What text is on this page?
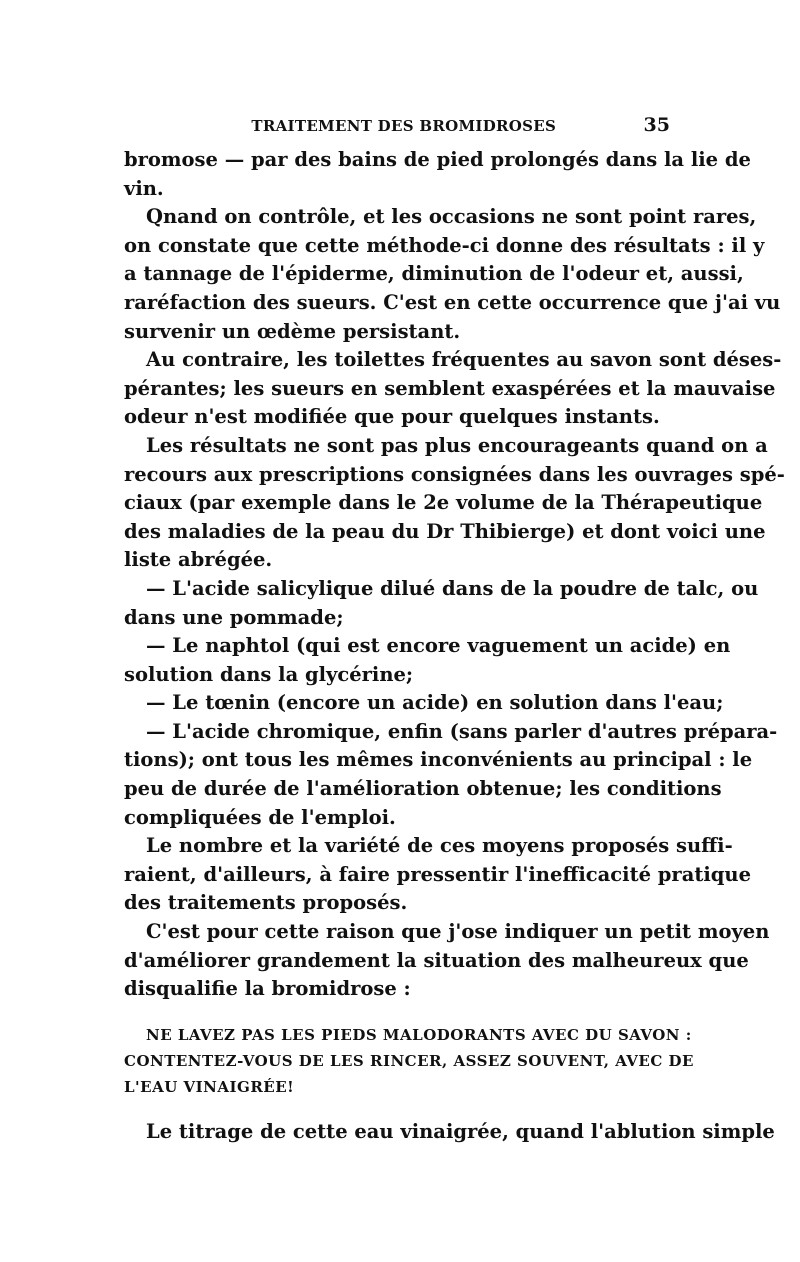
TRAITEMENT DES BROMIDROSES	35

bromose — par des bains de pied prolongés dans la lie de
vin.

Qnand on contrôle, et les occasions ne sont point rares,
on constate que cette méthode-ci donne des résultats : il y
a tannage de l'épiderme, diminution de l'odeur et, aussi,
raréfaction des sueurs. C'est en cette occurrence que j'ai vu
survenir un œdème persistant.

Au contraire, les toilettes fréquentes au savon sont déses-
pérantes; les sueurs en semblent exaspérées et la mauvaise
odeur n'est modifiée que pour quelques instants.

Les résultats ne sont pas plus encourageants quand on a
recours aux prescriptions consignées dans les ouvrages spé-
ciaux (par exemple dans le 2e volume de la Thérapeutique
des maladies de la peau du Dr Thibierge) et dont voici une
liste abrégée.

— L'acide salicylique dilué dans de la poudre de talc, ou
dans une pommade;

— Le naphtol (qui est encore vaguement un acide) en
solution dans la glycérine;

— Le tœnin (encore un acide) en solution dans l'eau;

— L'acide chromique, enfin (sans parler d'autres prépara-
tions); ont tous les mêmes inconvénients au principal : le
peu de durée de l'amélioration obtenue; les conditions
compliquées de l'emploi.

Le nombre et la variété de ces moyens proposés suffi-
raient, d'ailleurs, à faire pressentir l'inefficacité pratique
des traitements proposés.

C'est pour cette raison que j'ose indiquer un petit moyen
d'améliorer grandement la situation des malheureux que
disqualifie la bromidrose :

NE LAVEZ PAS LES PIEDS MALODORANTS AVEC DU SAVON :
CONTENTEZ-VOUS DE LES RINCER, ASSEZ SOUVENT, AVEC DE
L'EAU VINAIGRÉE!

Le titrage de cette eau vinaigrée, quand l'ablution simple
